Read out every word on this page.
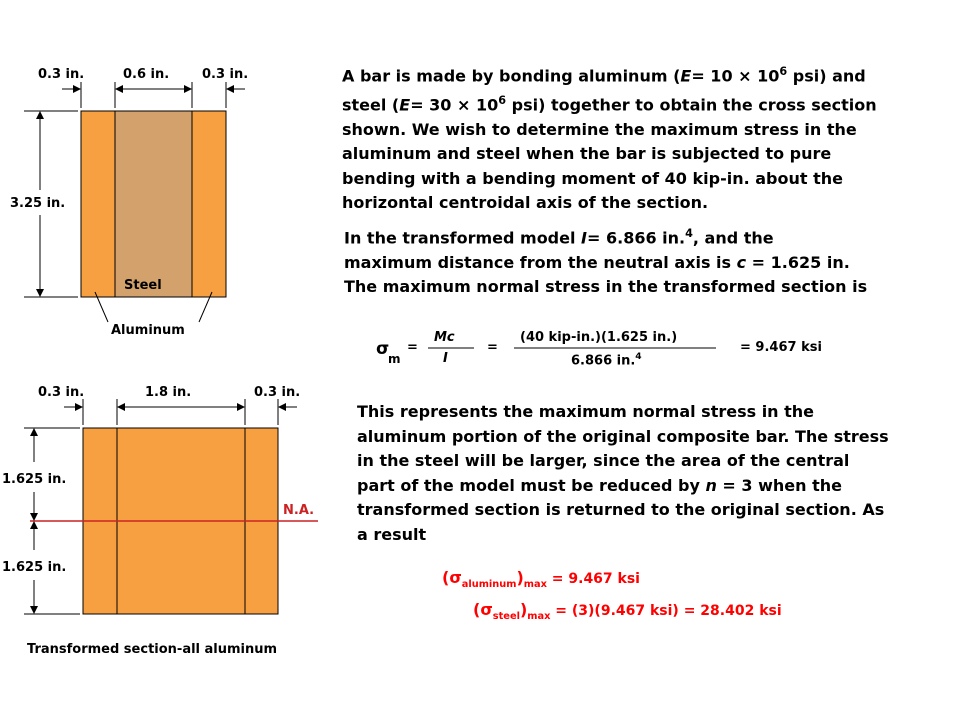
0.3 in.	0.6 in.	0.3 in.
3.25 in.
Steel
Aluminum
0.3 in.	1.8 in.	0.3 in.
1.625 in.
1.625 in.
N.A.
Transformed section-all aluminum
A bar is made by bonding aluminum ($E= 10 \times 10^6$ psi) and
steel ($E= 30 \times 10^6$ psi) together to obtain the cross section
shown. We wish to determine the maximum stress in the
aluminum and steel when the bar is subjected to pure
bending with a bending moment of 40 kip-in. about the
horizontal centroidal axis of the section.
In the transformed model I= 6.866 in.$^4$, and the
maximum distance from the neutral axis is c = 1.625 in.
The maximum normal stress in the transformed section is
σ
m
=
Mc
I
=
(40 kip-in.)(1.625 in.)
6.866 in.$^4$
= 9.467 ksi
This represents the maximum normal stress in the
aluminum portion of the original composite bar. The stress
in the steel will be larger, since the area of the central
part of the model must be reduced by n = 3 when the
transformed section is returned to the original section. As
a result
$(\sigma_{aluminum})_{max} = 9.467$ ksi
$(\sigma_{steel})_{max} = (3)(9.467$ ksi) = 28.402 ksi
